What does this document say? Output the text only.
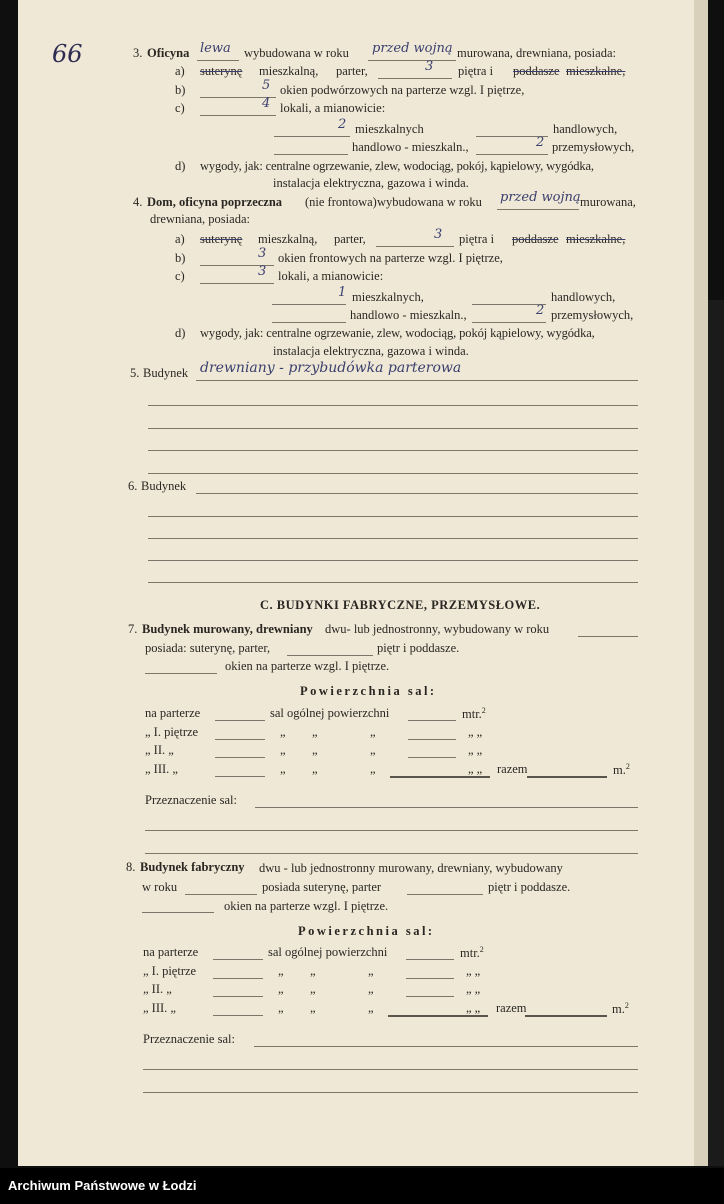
66	3. Oficyna lewa wybudowana w roku przed wojną murowana, drewniana, posiada:
a) suterynę mieszkalną, parter,	3 piętra i poddasze mieszkalne,
b)	5 okien podwórzowych na parterze wzgl. I piętrze,
c)	4 lokali, a mianowicie:
2 mieszkalnych	handlowych,
handlowo - mieszkaln.,	2 przemysłowych,
d) wygody, jak: centralne ogrzewanie, zlew, wodociąg, pokój, kąpielowy, wygódka,
instalacja elektryczna, gazowa i winda.
4. Dom, oficyna poprzeczna (nie frontowa) wybudowana w roku przed wojną murowana,
drewniana, posiada:
a) suterynę mieszkalną, parter,	3 piętra i poddasze mieszkalne,
b)	3 okien frontowych na parterze wzgl. I piętrze,
c)	3 lokali, a mianowicie:
1 mieszkalnych,	handlowych,
handlowo - mieszkaln.,	2 przemysłowych,
d) wygody, jak: centralne ogrzewanie, zlew, wodociąg, pokój kąpielowy, wygódka,
instalacja elektryczna, gazowa i winda.
5. Budynek drewniany - przybudówka parterowa
6. Budynek
C. BUDYNKI FABRYCZNE, PRZEMYSŁOWE.
7. Budynek murowany, drewniany dwu- lub jednostronny, wybudowany w roku
posiada: suterynę, parter,	piętr i poddasze.
okien na parterze wzgl. I piętrze.
Powierzchnia sal:
na parterze	sal ogólnej powierzchni	mtr.$^2$
„ I. piętrze	„ „	„	„ „
„ II. „	„ „	„	„ „
„ III. „	„ „	„	„ „ razem	m.$^2$
Przeznaczenie sal:
8. Budynek fabryczny dwu - lub jednostronny murowany, drewniany, wybudowany
w roku	posiada suterynę, parter	piętr i poddasze.
okien na parterze wzgl. I piętrze.
Powierzchnia sal:
na parterze	sal ogólnej powierzchni	mtr.$^2$
„ I. piętrze	„ „	„	„ „
„ II. „	„ „	„	„ „
„ III. „	„ „	„	„ „ razem	m.$^2$
Przeznaczenie sal:
Archiwum Państwowe w Łodzi
